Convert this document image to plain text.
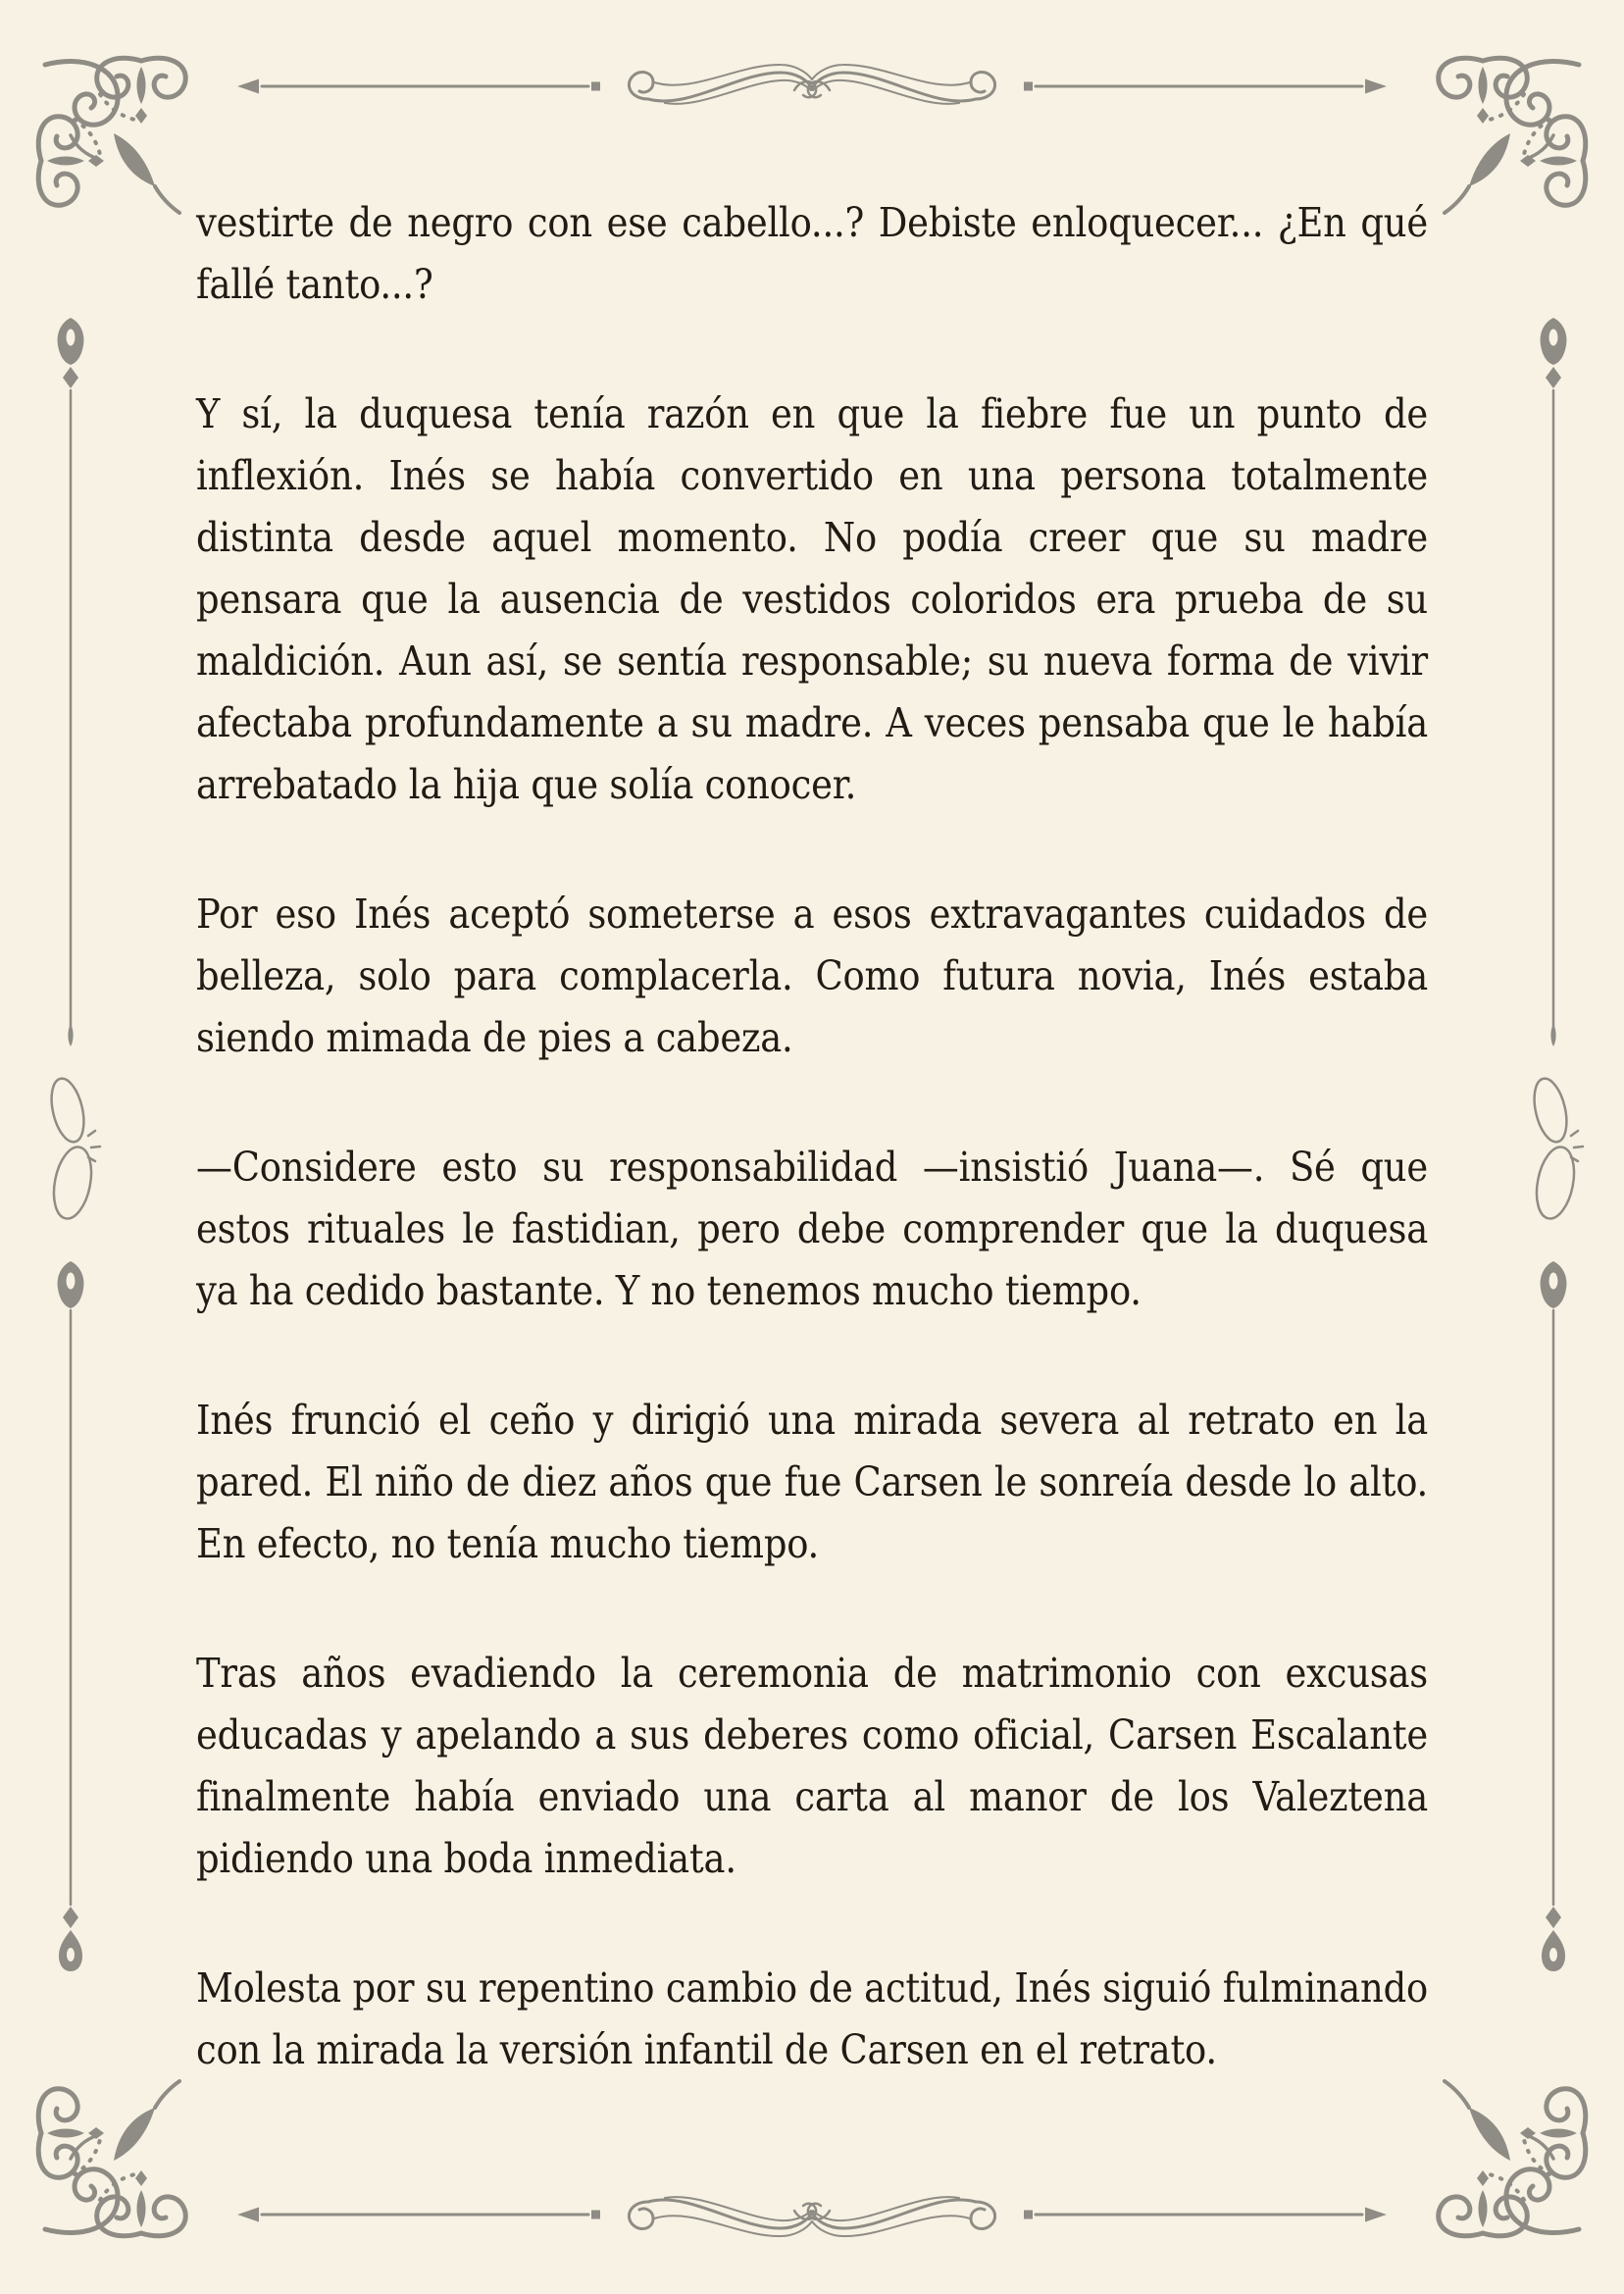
vestirte de negro con ese cabello...? Debiste enloquecer... ¿En qué fallé tanto...?

Y sí, la duquesa tenía razón en que la fiebre fue un punto de inflexión. Inés se había convertido en una persona totalmente distinta desde aquel momento. No podía creer que su madre pensara que la ausencia de vestidos coloridos era prueba de su maldición. Aun así, se sentía responsable; su nueva forma de vivir afectaba profundamente a su madre. A veces pensaba que le había arrebatado la hija que solía conocer.

Por eso Inés aceptó someterse a esos extravagantes cuidados de belleza, solo para complacerla. Como futura novia, Inés estaba siendo mimada de pies a cabeza.

—Considere esto su responsabilidad —insistió Juana—. Sé que estos rituales le fastidian, pero debe comprender que la duquesa ya ha cedido bastante. Y no tenemos mucho tiempo.

Inés frunció el ceño y dirigió una mirada severa al retrato en la pared. El niño de diez años que fue Carsen le sonreía desde lo alto. En efecto, no tenía mucho tiempo.

Tras años evadiendo la ceremonia de matrimonio con excusas educadas y apelando a sus deberes como oficial, Carsen Escalante finalmente había enviado una carta al manor de los Valeztena pidiendo una boda inmediata.

Molesta por su repentino cambio de actitud, Inés siguió fulminando con la mirada la versión infantil de Carsen en el retrato.
